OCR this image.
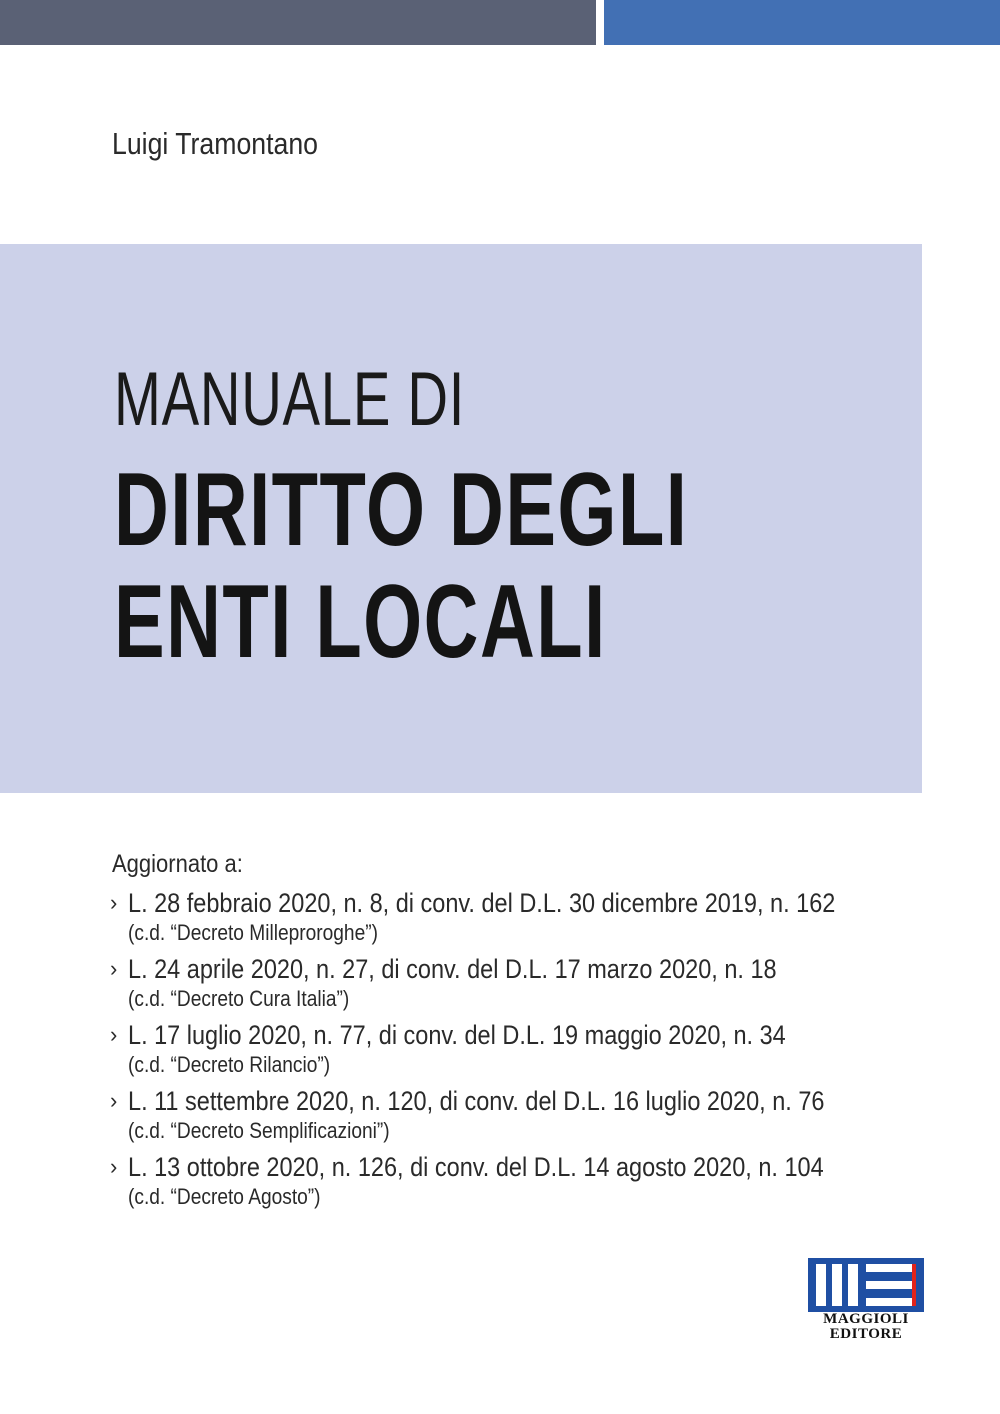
Luigi Tramontano
MANUALE DI
DIRITTO DEGLI
ENTI LOCALI
Aggiornato a:
› L. 28 febbraio 2020, n. 8, di conv. del D.L. 30 dicembre 2019, n. 162
(c.d. “Decreto Milleproroghe”)
› L. 24 aprile 2020, n. 27, di conv. del D.L. 17 marzo 2020, n. 18
(c.d. “Decreto Cura Italia”)
› L. 17 luglio 2020, n. 77, di conv. del D.L. 19 maggio 2020, n. 34
(c.d. “Decreto Rilancio”)
› L. 11 settembre 2020, n. 120, di conv. del D.L. 16 luglio 2020, n. 76
(c.d. “Decreto Semplificazioni”)
› L. 13 ottobre 2020, n. 126, di conv. del D.L. 14 agosto 2020, n. 104
(c.d. “Decreto Agosto”)
MAGGIOLI
EDITORE
